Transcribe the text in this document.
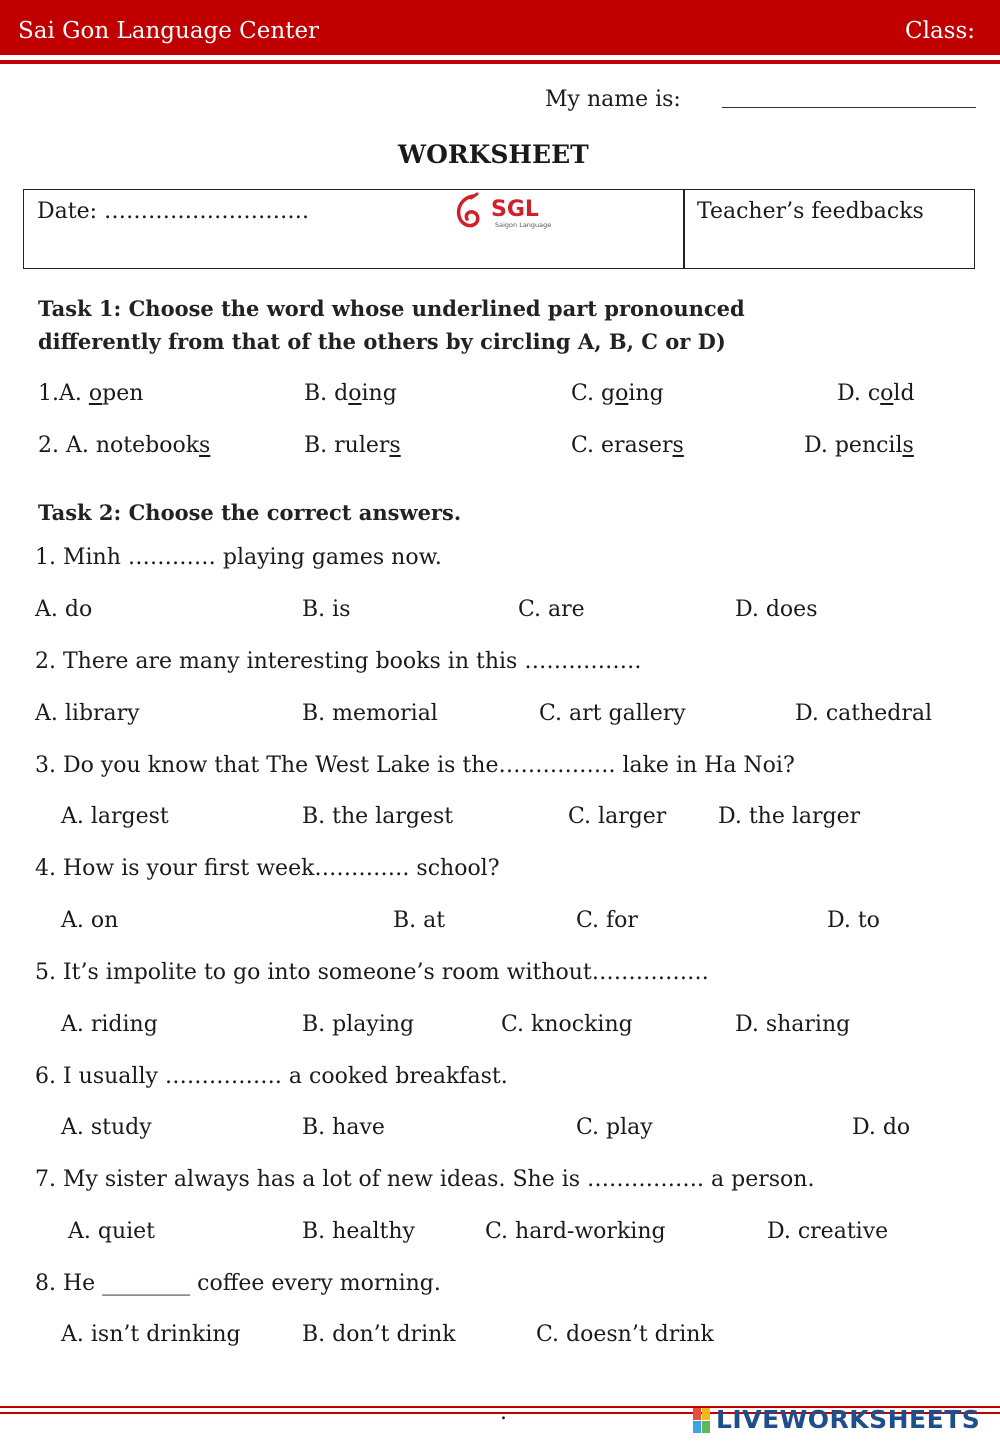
Sai Gon Language Center	Class:
My name is:
WORKSHEET
Date: ……………………….	SGL
Saigon Language
Teacher’s feedbacks
Task 1: Choose the word whose underlined part pronounced
differently from that of the others by circling A, B, C or D)
1.A. open	B. doing	C. going	D. cold
2. A. notebooks	B. rulers	C. erasers	D. pencils
Task 2: Choose the correct answers.
1. Minh ………… playing games now.
A. do	B. is	C. are	D. does
2. There are many interesting books in this …………….
A. library	B. memorial	C. art gallery	D. cathedral
3. Do you know that The West Lake is the……………. lake in Ha Noi?
A. largest	B. the largest	C. larger D. the larger
4. How is your first week…………. school?
A. on	B. at	C. for	D. to
5. It’s impolite to go into someone’s room without…………….
A. riding	B. playing	C. knocking	D. sharing
6. I usually ……………. a cooked breakfast.
A. study	B. have	C. play	D. do
7. My sister always has a lot of new ideas. She is ……………. a person.
A. quiet	B. healthy	C. hard-working	D. creative
8. He ________ coffee every morning.
A. isn’t drinking	B. don’t drink	C. doesn’t drink
.	LIVEWORKSHEETS
